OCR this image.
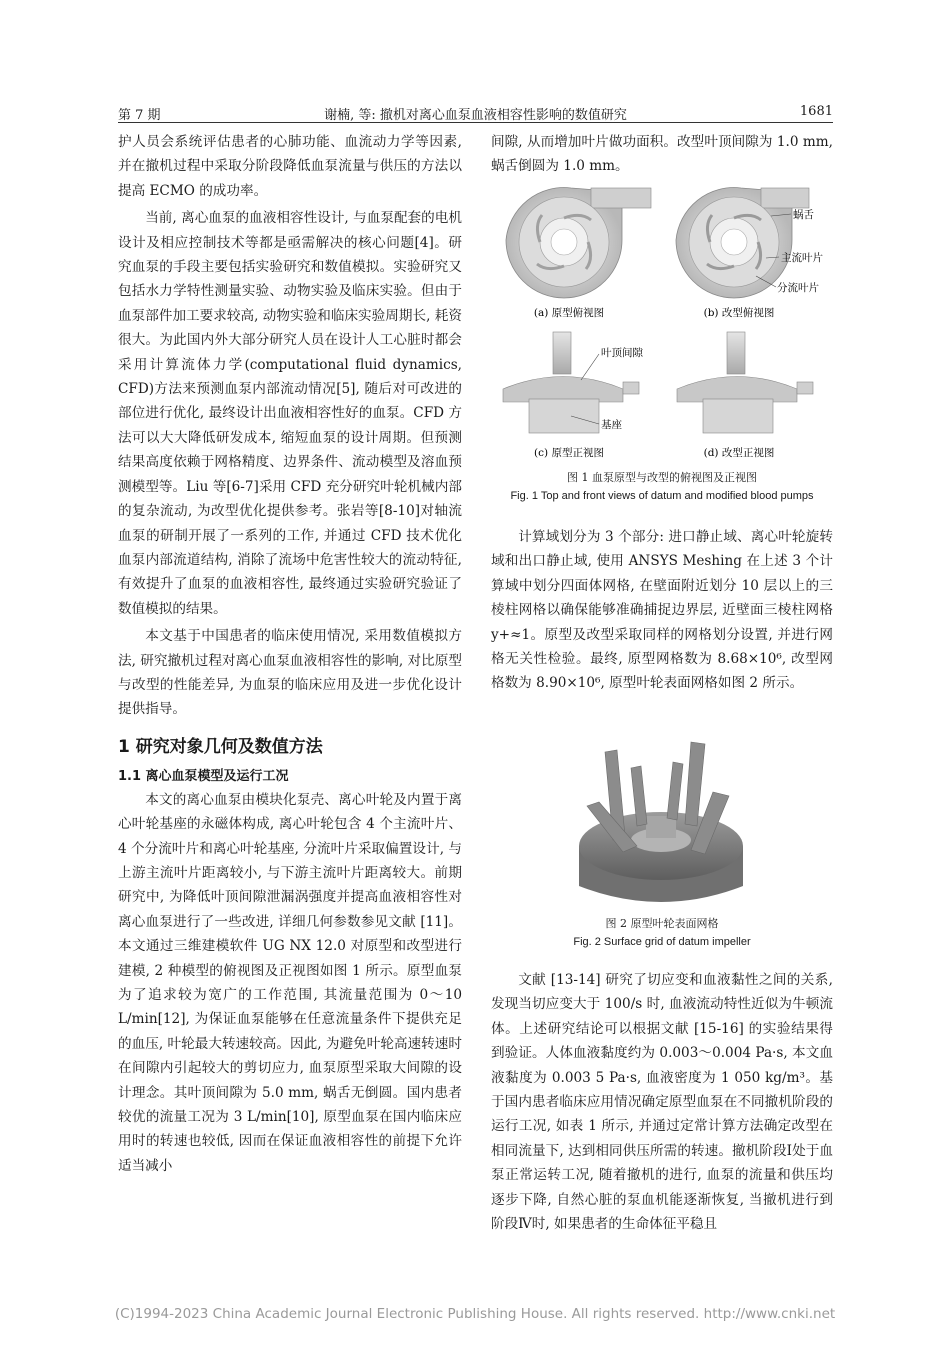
第 7 期	谢楠, 等: 撤机对离心血泵血液相容性影响的数值研究	1681

护人员会系统评估患者的心肺功能、血流动力学等因素, 并在撤机过程中采取分阶段降低血泵流量与供压的方法以提高 ECMO 的成功率。

当前, 离心血泵的血液相容性设计, 与血泵配套的电机设计及相应控制技术等都是亟需解决的核心问题[4]。研究血泵的手段主要包括实验研究和数值模拟。实验研究又包括水力学特性测量实验、动物实验及临床实验。但由于血泵部件加工要求较高, 动物实验和临床实验周期长, 耗资很大。为此国内外大部分研究人员在设计人工心脏时都会采用计算流体力学(computational fluid dynamics, CFD)方法来预测血泵内部流动情况[5], 随后对可改进的部位进行优化, 最终设计出血液相容性好的血泵。CFD 方法可以大大降低研发成本, 缩短血泵的设计周期。但预测结果高度依赖于网格精度、边界条件、流动模型及溶血预测模型等。Liu 等[6-7]采用 CFD 充分研究叶轮机械内部的复杂流动, 为改型优化提供参考。张岩等[8-10]对轴流血泵的研制开展了一系列的工作, 并通过 CFD 技术优化血泵内部流道结构, 消除了流场中危害性较大的流动特征, 有效提升了血泵的血液相容性, 最终通过实验研究验证了数值模拟的结果。

本文基于中国患者的临床使用情况, 采用数值模拟方法, 研究撤机过程对离心血泵血液相容性的影响, 对比原型与改型的性能差异, 为血泵的临床应用及进一步优化设计提供指导。

1 研究对象几何及数值方法
1.1 离心血泵模型及运行工况

本文的离心血泵由模块化泵壳、离心叶轮及内置于离心叶轮基座的永磁体构成, 离心叶轮包含 4 个主流叶片、4 个分流叶片和离心叶轮基座, 分流叶片采取偏置设计, 与上游主流叶片距离较小, 与下游主流叶片距离较大。前期研究中, 为降低叶顶间隙泄漏涡强度并提高血液相容性对离心血泵进行了一些改进, 详细几何参数参见文献 [11]。本文通过三维建模软件 UG NX 12.0 对原型和改型进行建模, 2 种模型的俯视图及正视图如图 1 所示。原型血泵为了追求较为宽广的工作范围, 其流量范围为 0～10 L/min[12], 为保证血泵能够在任意流量条件下提供充足的血压, 叶轮最大转速较高。因此, 为避免叶轮高速转速时在间隙内引起较大的剪切应力, 血泵原型采取大间隙的设计理念。其叶顶间隙为 5.0 mm, 蜗舌无倒圆。国内患者较优的流量工况为 3 L/min[10], 原型血泵在国内临床应用时的转速也较低, 因而在保证血液相容性的前提下允许适当减小

间隙, 从而增加叶片做功面积。改型叶顶间隙为 1.0 mm, 蜗舌倒圆为 1.0 mm。

蜗舌
主流叶片
分流叶片
(a) 原型俯视图	(b) 改型俯视图
叶顶间隙
基座
(c) 原型正视图	(d) 改型正视图
图 1 血泵原型与改型的俯视图及正视图
Fig. 1 Top and front views of datum and modified blood pumps

计算域划分为 3 个部分: 进口静止域、离心叶轮旋转域和出口静止域, 使用 ANSYS Meshing 在上述 3 个计算域中划分四面体网格, 在壁面附近划分 10 层以上的三棱柱网格以确保能够准确捕捉边界层, 近壁面三棱柱网格 y+≈1。原型及改型采取同样的网格划分设置, 并进行网格无关性检验。最终, 原型网格数为 8.68×10⁶, 改型网格数为 8.90×10⁶, 原型叶轮表面网格如图 2 所示。

图 2 原型叶轮表面网格
Fig. 2 Surface grid of datum impeller

文献 [13-14] 研究了切应变和血液黏性之间的关系, 发现当切应变大于 100/s 时, 血液流动特性近似为牛顿流体。上述研究结论可以根据文献 [15-16] 的实验结果得到验证。人体血液黏度约为 0.003～0.004 Pa·s, 本文血液黏度为 0.003 5 Pa·s, 血液密度为 1 050 kg/m³。基于国内患者临床应用情况确定原型血泵在不同撤机阶段的运行工况, 如表 1 所示, 并通过定常计算方法确定改型在相同流量下, 达到相同供压所需的转速。撤机阶段Ⅰ处于血泵正常运转工况, 随着撤机的进行, 血泵的流量和供压均逐步下降, 自然心脏的泵血机能逐渐恢复, 当撤机进行到阶段Ⅳ时, 如果患者的生命体征平稳且

(C)1994-2023 China Academic Journal Electronic Publishing House. All rights reserved. http://www.cnki.net
